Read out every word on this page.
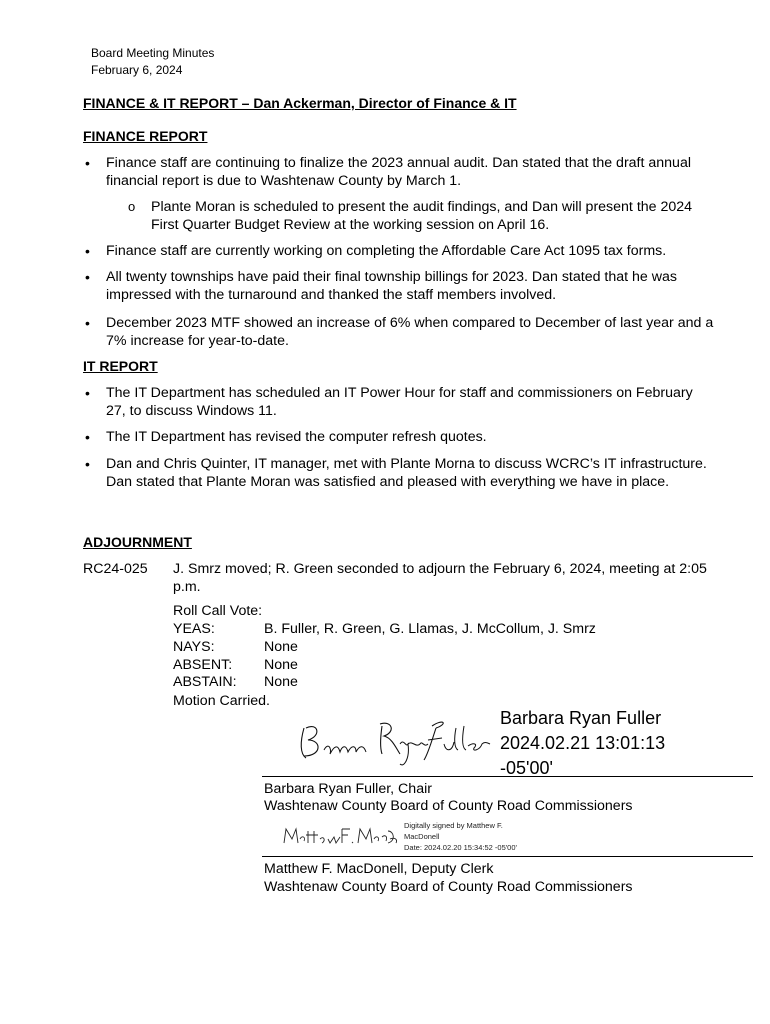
Board Meeting Minutes
February 6, 2024
FINANCE & IT REPORT – Dan Ackerman, Director of Finance & IT
FINANCE REPORT
• Finance staff are continuing to finalize the 2023 annual audit. Dan stated that the draft annual financial report is due to Washtenaw County by March 1.
o Plante Moran is scheduled to present the audit findings, and Dan will present the 2024 First Quarter Budget Review at the working session on April 16.
• Finance staff are currently working on completing the Affordable Care Act 1095 tax forms.
• All twenty townships have paid their final township billings for 2023. Dan stated that he was impressed with the turnaround and thanked the staff members involved.
• December 2023 MTF showed an increase of 6% when compared to December of last year and a 7% increase for year-to-date.
IT REPORT
• The IT Department has scheduled an IT Power Hour for staff and commissioners on February 27, to discuss Windows 11.
• The IT Department has revised the computer refresh quotes.
• Dan and Chris Quinter, IT manager, met with Plante Morna to discuss WCRC’s IT infrastructure. Dan stated that Plante Moran was satisfied and pleased with everything we have in place.
ADJOURNMENT
RC24-025 J. Smrz moved; R. Green seconded to adjourn the February 6, 2024, meeting at 2:05 p.m.
Roll Call Vote:
YEAS:	B. Fuller, R. Green, G. Llamas, J. McCollum, J. Smrz
NAYS:	None
ABSENT: None
ABSTAIN: None
Motion Carried.
Barbara Ryan Fuller
2024.02.21 13:01:13
-05'00'
Barbara Ryan Fuller, Chair
Washtenaw County Board of County Road Commissioners
Digitally signed by Matthew F.
MacDonell
Date: 2024.02.20 15:34:52 -05'00'
Matthew F. MacDonell, Deputy Clerk
Washtenaw County Board of County Road Commissioners
